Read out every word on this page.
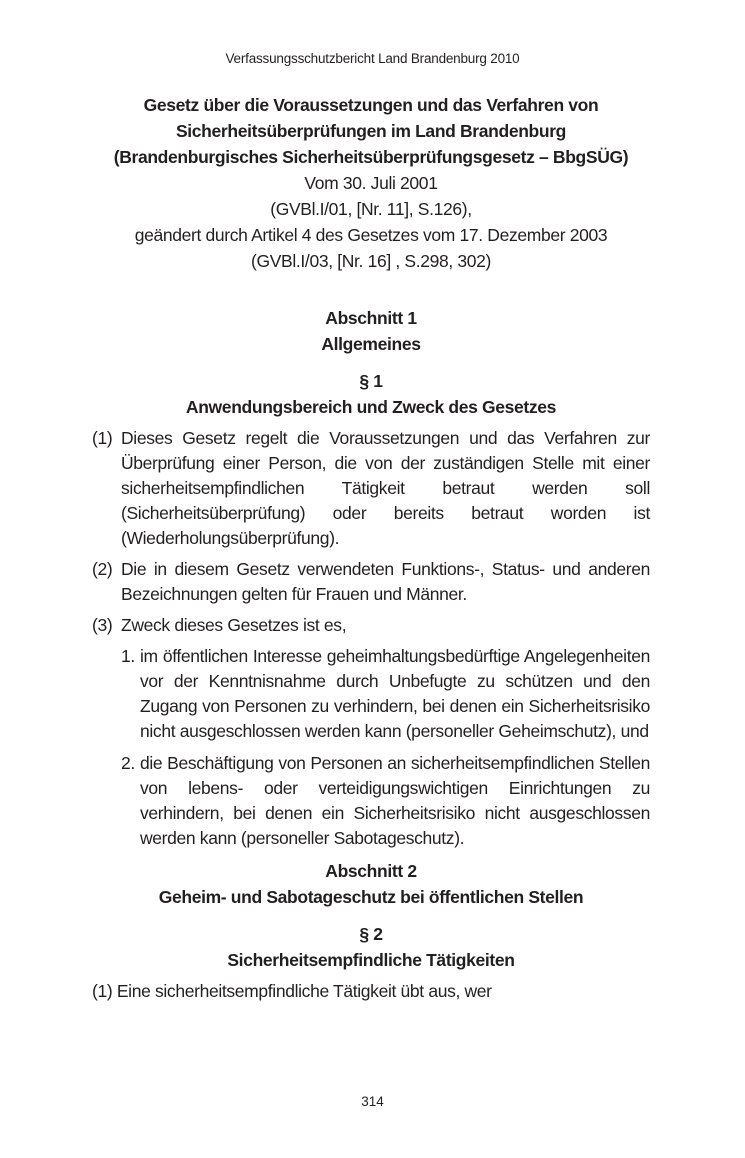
Verfassungsschutzbericht Land Brandenburg 2010
Gesetz über die Voraussetzungen und das Verfahren von
Sicherheitsüberprüfungen im Land Brandenburg
(Brandenburgisches Sicherheitsüberprüfungsgesetz – BbgSÜG)
Vom 30. Juli 2001
(GVBl.I/01, [Nr. 11], S.126),
geändert durch Artikel 4 des Gesetzes vom 17. Dezember 2003
(GVBl.I/03, [Nr. 16] , S.298, 302)
Abschnitt 1
Allgemeines
§ 1
Anwendungsbereich und Zweck des Gesetzes
(1) Dieses Gesetz regelt die Voraussetzungen und das Verfahren zur Überprüfung einer Person, die von der zuständigen Stelle mit einer sicherheitsempfindlichen Tätigkeit betraut werden soll (Sicherheitsüberprüfung) oder bereits betraut worden ist (Wiederholungsüberprüfung).
(2) Die in diesem Gesetz verwendeten Funktions-, Status- und anderen Bezeichnungen gelten für Frauen und Männer.
(3) Zweck dieses Gesetzes ist es,
1. im öffentlichen Interesse geheimhaltungsbedürftige Angelegenheiten vor der Kenntnisnahme durch Unbefugte zu schützen und den Zugang von Personen zu verhindern, bei denen ein Sicherheitsrisiko nicht ausgeschlossen werden kann (personeller Geheimschutz), und
2. die Beschäftigung von Personen an sicherheitsempfindlichen Stellen von lebens- oder verteidigungswichtigen Einrichtungen zu verhindern, bei denen ein Sicherheitsrisiko nicht ausgeschlossen werden kann (personeller Sabotageschutz).
Abschnitt 2
Geheim- und Sabotageschutz bei öffentlichen Stellen
§ 2
Sicherheitsempfindliche Tätigkeiten
(1) Eine sicherheitsempfindliche Tätigkeit übt aus, wer
314
